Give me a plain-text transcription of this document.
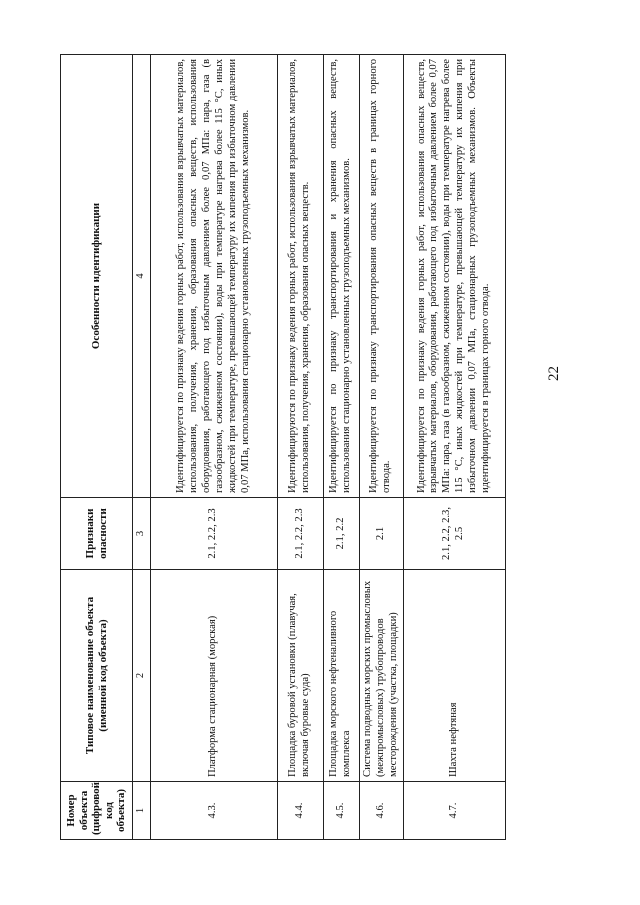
22
Номер объекта (цифровой код объекта)	Типовое наименование объекта (именной код объекта)	Признаки опасности	Особенности идентификации
1	2	3	4
4.3.	Платформа стационарная (морская)	2.1, 2.2, 2.3	Идентифицируется по признаку ведения горных работ, использования взрывчатых материалов, использования, получения, хранения, образования опасных веществ, использования оборудования, работающего под избыточным давлением более 0,07 МПа: пара, газа (в газообразном, сжиженном состоянии), воды при температуре нагрева более 115 °С, иных жидкостей при температуре, превышающей температуру их кипения при избыточном давлении 0,07 МПа, использования стационарно установленных грузоподъемных механизмов.
4.4.	Площадка буровой установки (плавучая, включая буровые суда)	2.1, 2.2, 2.3	Идентифицируются по признаку ведения горных работ, использования взрывчатых материалов, использования, получения, хранения, образования опасных веществ.
4.5.	Площадка морского нефтеналивного комплекса	2.1, 2.2	Идентифицируется по признаку транспортирования и хранения опасных веществ, использования стационарно установленных грузоподъемных механизмов.
4.6.	Система подводных морских промысловых (межпромысловых) трубопроводов месторождения (участка, площадки)	2.1	Идентифицируется по признаку транспортирования опасных веществ в границах горного отвода.
4.7.	Шахта нефтяная	2.1, 2.2, 2.3, 2.5	Идентифицируется по признаку ведения горных работ, использования опасных веществ, взрывчатых материалов, оборудования, работающего под избыточным давлением более 0,07 МПа: пара, газа (в газообразном, сжиженном состоянии), воды при температуре нагрева более 115 °С, иных жидкостей при температуре, превышающей температуру их кипения при избыточном давлении 0,07 МПа, стационарных грузоподъемных механизмов. Объекты идентифицируется в границах горного отвода.
